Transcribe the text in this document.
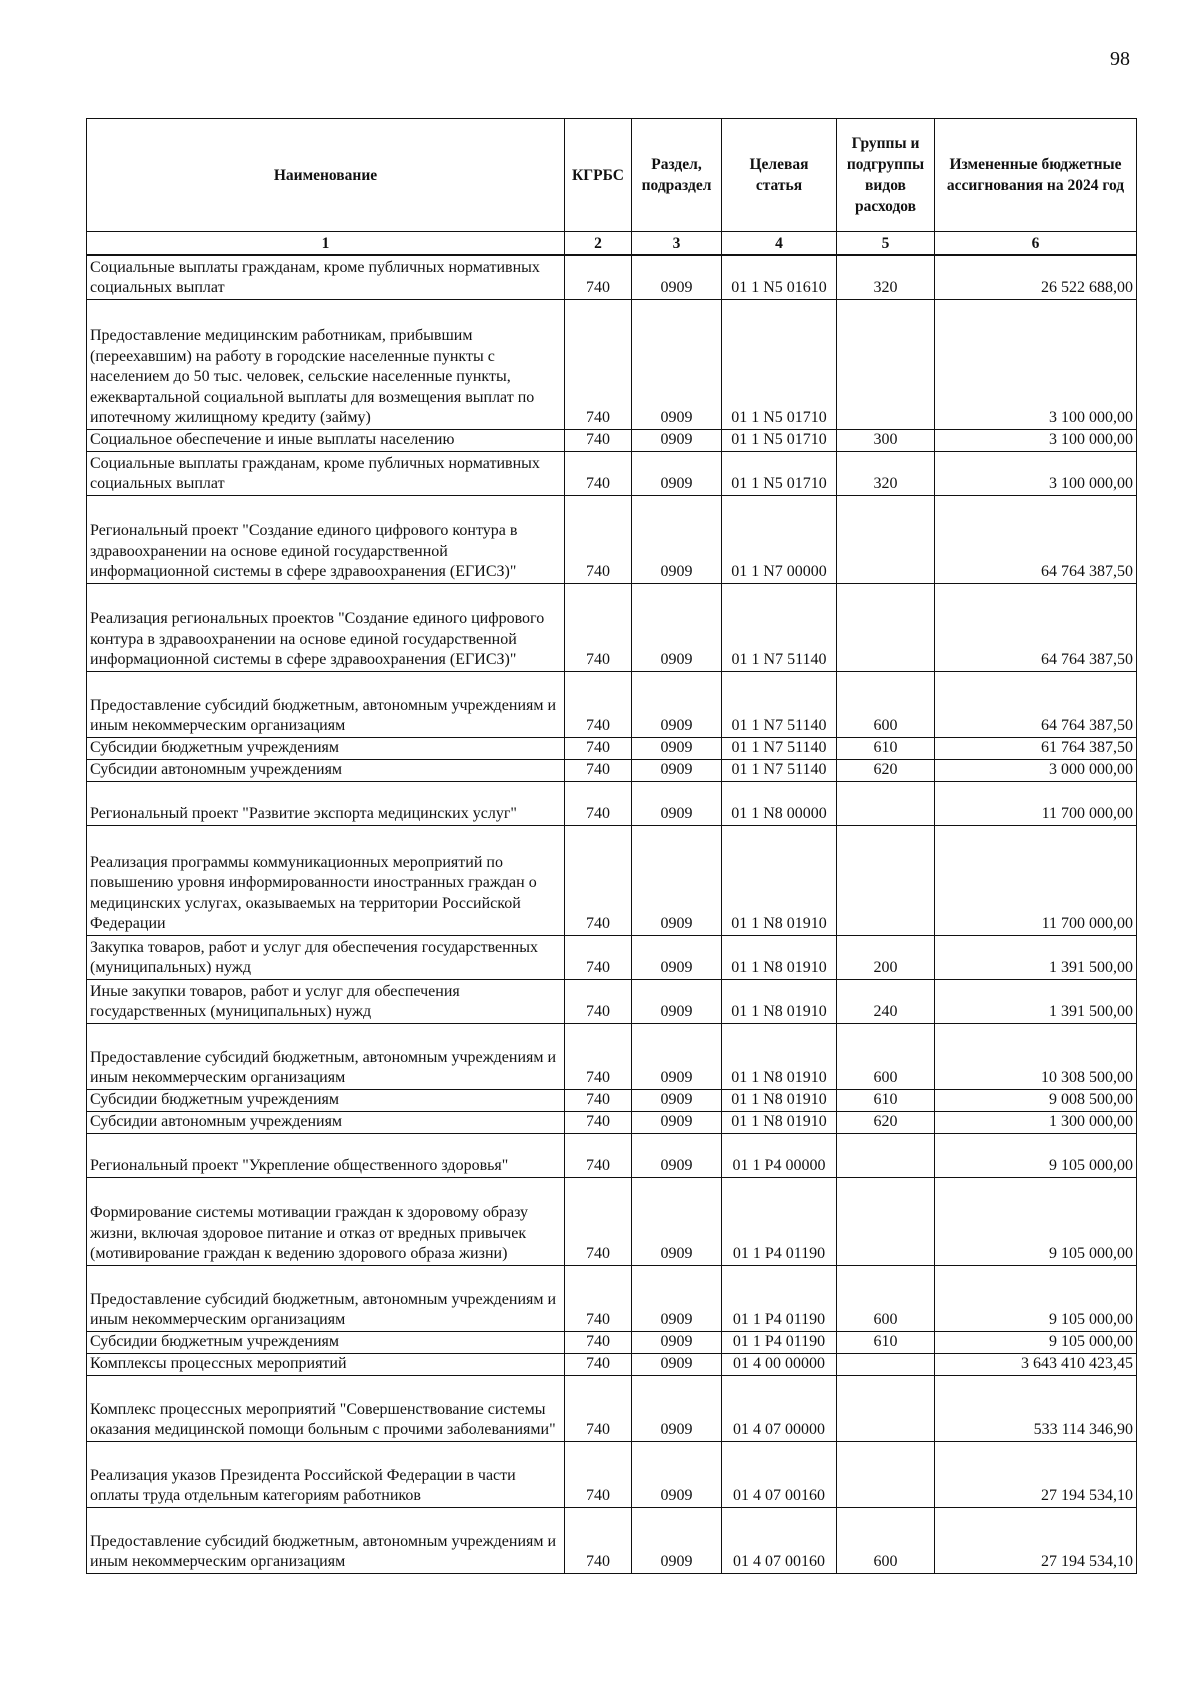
98
Наименование	КГРБС	Раздел, подраздел	Целевая статья	Группы и подгруппы видов расходов	Измененные бюджетные ассигнования на 2024 год
1	2	3	4	5	6
Социальные выплаты гражданам, кроме публичных нормативных социальных выплат	740	0909	01 1 N5 01610	320	26 522 688,00
Предоставление медицинским работникам, прибывшим (переехавшим) на работу в городские населенные пункты с населением до 50 тыс. человек, сельские населенные пункты, ежеквартальной социальной выплаты для возмещения выплат по ипотечному жилищному кредиту (займу)	740	0909	01 1 N5 01710		3 100 000,00
Социальное обеспечение и иные выплаты населению	740	0909	01 1 N5 01710	300	3 100 000,00
Социальные выплаты гражданам, кроме публичных нормативных социальных выплат	740	0909	01 1 N5 01710	320	3 100 000,00
Региональный проект "Создание единого цифрового контура в здравоохранении на основе единой государственной информационной системы в сфере здравоохранения (ЕГИСЗ)"	740	0909	01 1 N7 00000		64 764 387,50
Реализация региональных проектов "Создание единого цифрового контура в здравоохранении на основе единой государственной информационной системы в сфере здравоохранения (ЕГИСЗ)"	740	0909	01 1 N7 51140		64 764 387,50
Предоставление субсидий бюджетным, автономным учреждениям и иным некоммерческим организациям	740	0909	01 1 N7 51140	600	64 764 387,50
Субсидии бюджетным учреждениям	740	0909	01 1 N7 51140	610	61 764 387,50
Субсидии автономным учреждениям	740	0909	01 1 N7 51140	620	3 000 000,00
Региональный проект "Развитие экспорта медицинских услуг"	740	0909	01 1 N8 00000		11 700 000,00
Реализация программы коммуникационных мероприятий по повышению уровня информированности иностранных граждан о медицинских услугах, оказываемых на территории Российской Федерации	740	0909	01 1 N8 01910		11 700 000,00
Закупка товаров, работ и услуг для обеспечения государственных (муниципальных) нужд	740	0909	01 1 N8 01910	200	1 391 500,00
Иные закупки товаров, работ и услуг для обеспечения государственных (муниципальных) нужд	740	0909	01 1 N8 01910	240	1 391 500,00
Предоставление субсидий бюджетным, автономным учреждениям и иным некоммерческим организациям	740	0909	01 1 N8 01910	600	10 308 500,00
Субсидии бюджетным учреждениям	740	0909	01 1 N8 01910	610	9 008 500,00
Субсидии автономным учреждениям	740	0909	01 1 N8 01910	620	1 300 000,00
Региональный проект "Укрепление общественного здоровья"	740	0909	01 1 P4 00000		9 105 000,00
Формирование системы мотивации граждан к здоровому образу жизни, включая здоровое питание и отказ от вредных привычек (мотивирование граждан к ведению здорового образа жизни)	740	0909	01 1 P4 01190		9 105 000,00
Предоставление субсидий бюджетным, автономным учреждениям и иным некоммерческим организациям	740	0909	01 1 P4 01190	600	9 105 000,00
Субсидии бюджетным учреждениям	740	0909	01 1 P4 01190	610	9 105 000,00
Комплексы процессных мероприятий	740	0909	01 4 00 00000		3 643 410 423,45
Комплекс процессных мероприятий "Совершенствование системы оказания медицинской помощи больным с прочими заболеваниями"	740	0909	01 4 07 00000		533 114 346,90
Реализация указов Президента Российской Федерации в части оплаты труда отдельным категориям работников	740	0909	01 4 07 00160		27 194 534,10
Предоставление субсидий бюджетным, автономным учреждениям и иным некоммерческим организациям	740	0909	01 4 07 00160	600	27 194 534,10
